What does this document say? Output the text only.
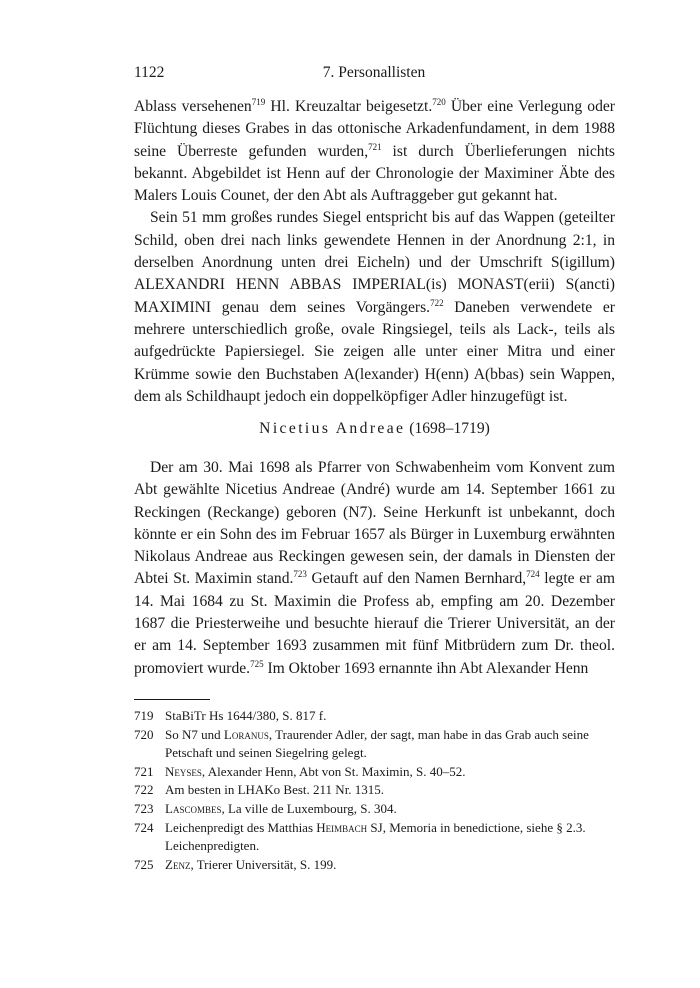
1122	7. Personallisten

Ablass versehenen$^{719}$ Hl. Kreuzaltar beigesetzt.$^{720}$ Über eine Verlegung oder Flüchtung dieses Grabes in das ottonische Arkadenfundament, in dem 1988 seine Überreste gefunden wurden,$^{721}$ ist durch Überlieferungen nichts bekannt. Abgebildet ist Henn auf der Chronologie der Maximiner Äbte des Malers Louis Counet, der den Abt als Auftraggeber gut gekannt hat.

Sein 51 mm großes rundes Siegel entspricht bis auf das Wappen (geteilter Schild, oben drei nach links gewendete Hennen in der Anordnung 2:1, in derselben Anordnung unten drei Eicheln) und der Umschrift S(igillum) ALEXANDRI HENN ABBAS IMPERIAL(is) MONAST(erii) S(ancti) MAXIMINI genau dem seines Vorgängers.$^{722}$ Daneben verwendete er mehrere unterschiedlich große, ovale Ringsiegel, teils als Lack-, teils als aufgedrückte Papiersiegel. Sie zeigen alle unter einer Mitra und einer Krümme sowie den Buchstaben A(lexander) H(enn) A(bbas) sein Wappen, dem als Schildhaupt jedoch ein doppelköpfiger Adler hinzugefügt ist.

Nicetius Andreae (1698–1719)

Der am 30. Mai 1698 als Pfarrer von Schwabenheim vom Konvent zum Abt gewählte Nicetius Andreae (André) wurde am 14. September 1661 zu Reckingen (Reckange) geboren (N7). Seine Herkunft ist unbekannt, doch könnte er ein Sohn des im Februar 1657 als Bürger in Luxemburg erwähnten Nikolaus Andreae aus Reckingen gewesen sein, der damals in Diensten der Abtei St. Maximin stand.$^{723}$ Getauft auf den Namen Bernhard,$^{724}$ legte er am 14. Mai 1684 zu St. Maximin die Profess ab, empfing am 20. Dezember 1687 die Priesterweihe und besuchte hierauf die Trierer Universität, an der er am 14. September 1693 zusammen mit fünf Mitbrüdern zum Dr. theol. promoviert wurde.$^{725}$ Im Oktober 1693 ernannte ihn Abt Alexander Henn

719 StaBiTr Hs 1644/380, S. 817 f.
720 So N7 und Loranus, Traurender Adler, der sagt, man habe in das Grab auch seine Petschaft und seinen Siegelring gelegt.
721 Neyses, Alexander Henn, Abt von St. Maximin, S. 40–52.
722 Am besten in LHAKo Best. 211 Nr. 1315.
723 Lascombes, La ville de Luxembourg, S. 304.
724 Leichenpredigt des Matthias Heimbach SJ, Memoria in benedictione, siehe § 2.3. Leichenpredigten.
725 Zenz, Trierer Universität, S. 199.
